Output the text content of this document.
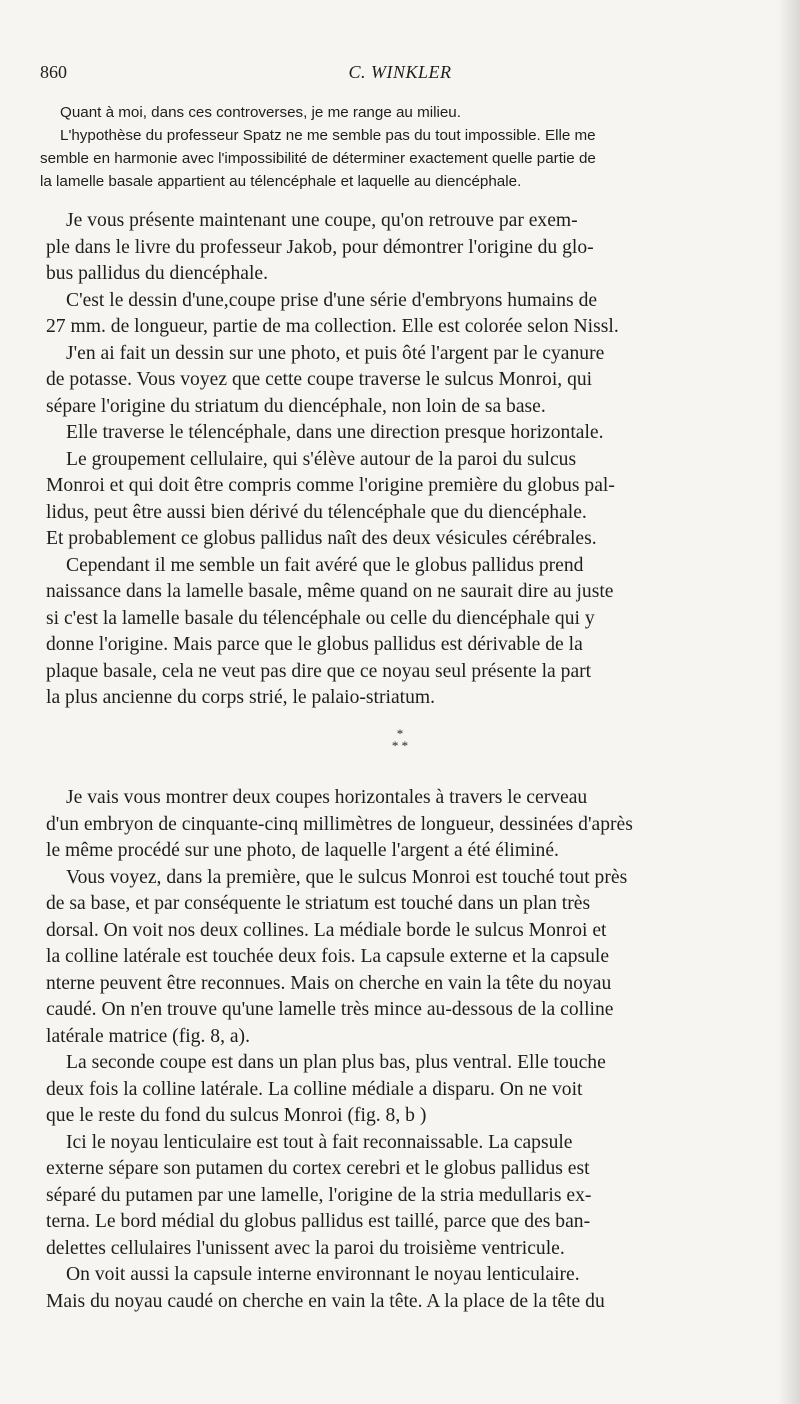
860	C. WINKLER
Quant à moi, dans ces controverses, je me range au milieu.
L'hypothèse du professeur Spatz ne me semble pas du tout impossible. Elle me
semble en harmonie avec l'impossibilité de déterminer exactement quelle partie de
la lamelle basale appartient au télencéphale et laquelle au diencéphale.
Je vous présente maintenant une coupe, qu'on retrouve par exem-
ple dans le livre du professeur Jakob, pour démontrer l'origine du glo-
bus pallidus du diencéphale.
C'est le dessin d'une,coupe prise d'une série d'embryons humains de
27 mm. de longueur, partie de ma collection. Elle est colorée selon Nissl.
J'en ai fait un dessin sur une photo, et puis ôté l'argent par le cyanure
de potasse. Vous voyez que cette coupe traverse le sulcus Monroi, qui
sépare l'origine du striatum du diencéphale, non loin de sa base.
Elle traverse le télencéphale, dans une direction presque horizontale.
Le groupement cellulaire, qui s'élève autour de la paroi du sulcus
Monroi et qui doit être compris comme l'origine première du globus pal-
lidus, peut être aussi bien dérivé du télencéphale que du diencéphale.
Et probablement ce globus pallidus naît des deux vésicules cérébrales.
Cependant il me semble un fait avéré que le globus pallidus prend
naissance dans la lamelle basale, même quand on ne saurait dire au juste
si c'est la lamelle basale du télencéphale ou celle du diencéphale qui y
donne l'origine. Mais parce que le globus pallidus est dérivable de la
plaque basale, cela ne veut pas dire que ce noyau seul présente la part
la plus ancienne du corps strié, le palaio-striatum.
*
* *
Je vais vous montrer deux coupes horizontales à travers le cerveau
d'un embryon de cinquante-cinq millimètres de longueur, dessinées d'après
le même procédé sur une photo, de laquelle l'argent a été éliminé.
Vous voyez, dans la première, que le sulcus Monroi est touché tout près
de sa base, et par conséquente le striatum est touché dans un plan très
dorsal. On voit nos deux collines. La médiale borde le sulcus Monroi et
la colline latérale est touchée deux fois. La capsule externe et la capsule
nterne peuvent être reconnues. Mais on cherche en vain la tête du noyau
caudé. On n'en trouve qu'une lamelle très mince au-dessous de la colline
latérale matrice (fig. 8, a).
La seconde coupe est dans un plan plus bas, plus ventral. Elle touche
deux fois la colline latérale. La colline médiale a disparu. On ne voit
que le reste du fond du sulcus Monroi (fig. 8, b )
Ici le noyau lenticulaire est tout à fait reconnaissable. La capsule
externe sépare son putamen du cortex cerebri et le globus pallidus est
séparé du putamen par une lamelle, l'origine de la stria medullaris ex-
terna. Le bord médial du globus pallidus est taillé, parce que des ban-
delettes cellulaires l'unissent avec la paroi du troisième ventricule.
On voit aussi la capsule interne environnant le noyau lenticulaire.
Mais du noyau caudé on cherche en vain la tête. A la place de la tête du
